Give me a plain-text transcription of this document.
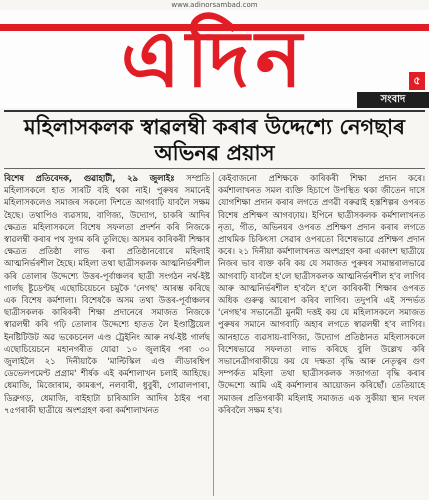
www.adinorsambad.com
এদিন	৫
সংবাদ
মহিলাসকলক স্বাৱলম্বী কৰাৰ উদ্দেশ্যে নেগছাৰ অভিনৱ প্ৰয়াস
বিশেষ প্ৰতিবেদক, গুৱাহাটী, ২৯ জুলাইঃ সম্প্ৰতি মহিলাসকলে হাত সাৰটি বহি থকা নাই। পুৰুষৰ সমানেই মহিলাসকলেও সমাজৰ সকলো দিশতে আগবাঢ়ি যাবলৈ সক্ষম হৈছে। তথাপিও ব্যৱসায়, বাণিজ্য, উদ্যোগ, চাকৰি আদিৰ ক্ষেত্ৰত মহিলাসকলে বিশেষ সফলতা প্ৰদৰ্শন কৰি নিজকে স্বাৱলম্বী কৰাৰ পথ সুগম কৰি তুলিছে। অসমৰ কাৰিকৰী শিক্ষাৰ ক্ষেত্ৰত প্ৰতিষ্ঠা লাভ কৰা প্ৰতিষ্ঠানবোৰে মহিলাই আত্মনিৰ্ভৰশীল হৈছে। মহিলা তথা ছাত্ৰীসকলক আত্মনিৰ্ভৰশীল কৰি তোলাৰ উদ্দেশ্যে উত্তৰ-পূৰ্বাঞ্চলৰ ছাত্ৰী সংগঠন নৰ্থ-ইষ্ট গাৰ্লছ ষ্টুডেণ্টছ এছোচিয়েচনে চমুকৈ 'নেগছ' আৰম্ভ কৰিছে এক বিশেষ কৰ্মশালা। বিশেষকৈ অসম তথা উত্তৰ-পূৰ্বাঞ্চলৰ ছাত্ৰীসকলক কাৰিকৰী শিক্ষা প্ৰদানেৰে সমাজত নিজকে স্বাৱলম্বী কৰি গঢ়ি তোলাৰ উদ্দেশ্যে হাতত লৈ ইণ্ডাষ্ট্ৰিয়েল ইনষ্টিটিউট অৱ ভকেচনেল এণ্ড ট্ৰেইনিং আৰু নৰ্থ-ইষ্ট গাৰ্লছ এছোচিয়েচনে মহানগৰীত যোৱা ১০ জুলাইৰ পৰা ৩০ জুলাইলৈ ২১ দিনীয়াকৈ 'মাল্টিস্কিল এণ্ড লীডাৰশ্বিপ ডেভেলপমেণ্ট প্ৰগ্ৰাম' শীৰ্ষক এই কৰ্মশালাখন চলাই আহিছে। ধেমাজি, মিজোৰাম, কামৰূপ, নলবাৰী, ধুবুৰী, গোৱালপাৰা, ডিব্ৰুগড়, ধেমাজি, বাইহাটা চাৰিআলি আদিৰ ঠাইৰ পৰা ৭৫গৰাকী ছাত্ৰীয়ে অংশগ্ৰহণ কৰা কৰ্মশালাখনত
কেইবাজনো প্ৰশিক্ষকে কাৰিকৰী শিক্ষা প্ৰদান কৰে। কৰ্মশালাখনত সমল ব্যক্তি হিচাপে উপস্থিত থকা জীতেন দাসে যোগশিক্ষা প্ৰদান কৰাৰ লগতে প্ৰণৱী বৰুৱাই হস্তশিল্পৰ ওপৰত বিশেষ প্ৰশিক্ষণ আগবঢ়ায়। ইপিনে ছাত্ৰীসকলক কৰ্মশালাখনত নৃত্য, গীত, অভিনয়ৰ ওপৰত প্ৰশিক্ষণ প্ৰদান কৰাৰ লগতে প্ৰাথমিক চিকিৎসা সেৱাৰ ওপৰতো বিশেষভাৱে প্ৰশিক্ষণ প্ৰদান কৰে। ২১ দিনীয়া কৰ্মশালাখনত অংশগ্ৰহণ কৰা একাংশ ছাত্ৰীয়ে নিজৰ ভাব ব্যক্ত কৰি কয় যে সমাজত পুৰুষৰ সমান্তৰালভাৱে আগবাঢ়ি যাবলৈ হ'লে ছাত্ৰীসকলক আত্মনিৰ্ভৰশীল হ'ব লাগিব আৰু আত্মনিৰ্ভৰশীল হ'বলৈ হ'লে কাৰিকৰী শিক্ষাৰ ওপৰত অধিক গুৰুত্ব আৰোপ কৰিব লাগিব। তদুপৰি এই সন্দৰ্ভত 'নেগছ'ৰ সভানেত্ৰী মুনমী দত্তই কয় যে মহিলাসকলে সমাজত পুৰুষৰ সমানে আগবাঢ়ি অহাৰ লগতে স্বাৱলম্বী হ'ব লাগিব। আনহাতে ব্যৱসায়-বাণিজ্য, উদ্যোগ প্ৰতিষ্ঠানত মহিলাসকলে বিশেষভাৱে সফলতা লাভ কৰিছে বুলি উল্লেখ কৰি সভানেত্ৰীগৰাকীয়ে কয় যে দক্ষতা বৃদ্ধি আৰু নেতৃত্বৰ গুণ সম্পৰ্কত মহিলা তথা ছাত্ৰীসকলক সজাগতা বৃদ্ধি কৰাৰ উদ্দেশ্যে আমি এই কৰ্মশালাৰ আয়োজন কৰিছোঁ। তেতিয়াহে সমাজৰ প্ৰতিগৰাকী মহিলাই সমাজত এক সুকীয়া স্থান দখল কৰিবলৈ সক্ষম হ'ব।
